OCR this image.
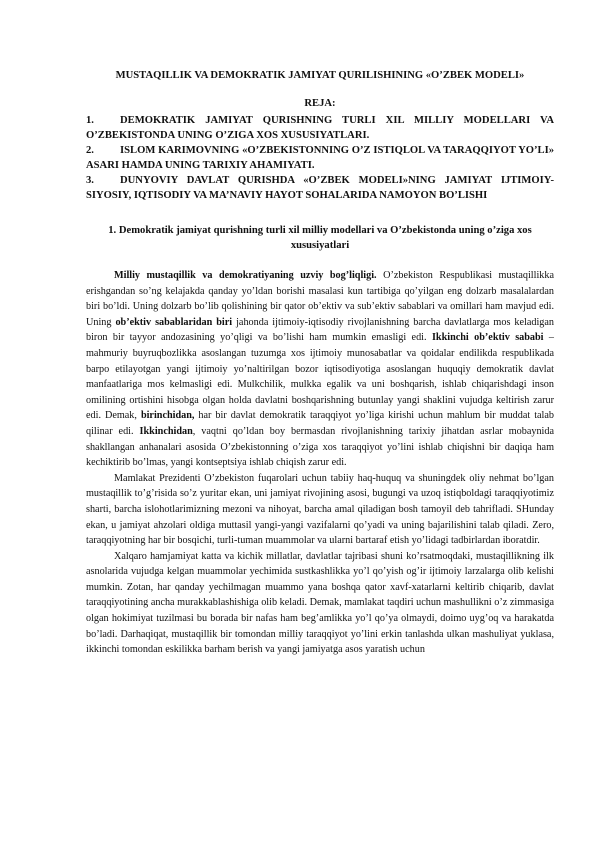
MUSTAQILLIK VA DEMOKRATIK JAMIYAT QURILISHINING «O’ZBEK MODELI»

REJA:

1. DEMOKRATIK JAMIYAT QURISHNING TURLI XIL MILLIY MODELLARI VA O’ZBEKISTONDA UNING O’ZIGA XOS XUSUSIYATLARI.
2. ISLOM KARIMOVNING «O’ZBEKISTONNING O’Z ISTIQLOL VA TARAQQIYOT YO’LI» ASARI HAMDA UNING TARIXIY AHAMIYATI.
3. DUNYOVIY DAVLAT QURISHDA «O’ZBEK MODELI»NING JAMIYAT IJTIMOIY-SIYOSIY, IQTISODIY VA MA’NAVIY HAYOT SOHALARIDA NAMOYON BO’LISHI

1. Demokratik jamiyat qurishning turli xil milliy modellari va O’zbekistonda uning o’ziga xos xususiyatlari

Milliy mustaqillik va demokratiyaning uzviy bog’liqligi. O’zbekiston Respublikasi mustaqillikka erishgandan so’ng kelajakda qanday yo’ldan borishi masalasi kun tartibiga qo’yilgan eng dolzarb masalalardan biri bo’ldi. Uning dolzarb bo’lib qolishining bir qator ob’ektiv va sub’ektiv sabablari va omillari ham mavjud edi. Uning ob’ektiv sabablaridan biri jahonda ijtimoiy-iqtisodiy rivojlanishning barcha davlatlarga mos keladigan biron bir tayyor andozasining yo’qligi va bo’lishi ham mumkin emasligi edi. Ikkinchi ob’ektiv sababi – mahmuriy buyruqbozlikka asoslangan tuzumga xos ijtimoiy munosabatlar va qoidalar endilikda respublikada barpo etilayotgan yangi ijtimoiy yo’naltirilgan bozor iqtisodiyotiga asoslangan huquqiy demokratik davlat manfaatlariga mos kelmasligi edi. Mulkchilik, mulkka egalik va uni boshqarish, ishlab chiqarishdagi inson omilining ortishini hisobga olgan holda davlatni boshqarishning butunlay yangi shaklini vujudga keltirish zarur edi. Demak, birinchidan, har bir davlat demokratik taraqqiyot yo’liga kirishi uchun mahlum bir muddat talab qilinar edi. Ikkinchidan, vaqtni qo’ldan boy bermasdan rivojlanishning tarixiy jihatdan asrlar mobaynida shakllangan anhanalari asosida O’zbekistonning o’ziga xos taraqqiyot yo’lini ishlab chiqishni bir daqiqa ham kechiktirib bo’lmas, yangi kontseptsiya ishlab chiqish zarur edi.

Mamlakat Prezidenti O’zbekiston fuqarolari uchun tabiiy haq-huquq va shuningdek oliy nehmat bo’lgan mustaqillik to’g’risida so’z yuritar ekan, uni jamiyat rivojining asosi, bugungi va uzoq istiqboldagi taraqqiyotimiz sharti, barcha islohotlarimizning mezoni va nihoyat, barcha amal qiladigan bosh tamoyil deb tahrifladi. SHunday ekan, u jamiyat ahzolari oldiga muttasil yangi-yangi vazifalarni qo’yadi va uning bajarilishini talab qiladi. Zero, taraqqiyotning har bir bosqichi, turli-tuman muammolar va ularni bartaraf etish yo’lidagi tadbirlardan iboratdir.

Xalqaro hamjamiyat katta va kichik millatlar, davlatlar tajribasi shuni ko’rsatmoqdaki, mustaqillikning ilk asnolarida vujudga kelgan muammolar yechimida sustkashlikka yo’l qo’yish og’ir ijtimoiy larzalarga olib kelishi mumkin. Zotan, har qanday yechilmagan muammo yana boshqa qator xavf-xatarlarni keltirib chiqarib, davlat taraqqiyotining ancha murakkablashishiga olib keladi. Demak, mamlakat taqdiri uchun mashullikni o’z zimmasiga olgan hokimiyat tuzilmasi bu borada bir nafas ham beg’amlikka yo’l qo’ya olmaydi, doimo uyg’oq va harakatda bo’ladi. Darhaqiqat, mustaqillik bir tomondan milliy taraqqiyot yo’lini erkin tanlashda ulkan mashuliyat yuklasa, ikkinchi tomondan eskilikka barham berish va yangi jamiyatga asos yaratish uchun
